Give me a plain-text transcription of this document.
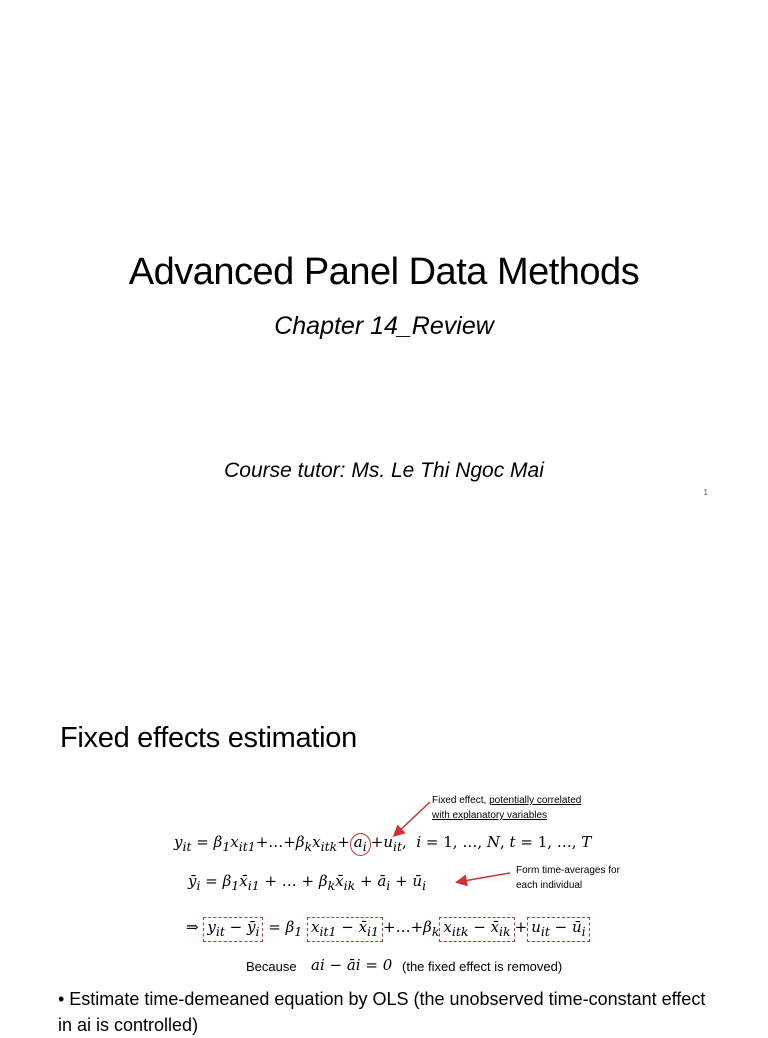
Advanced Panel Data Methods
Chapter 14_Review
Course tutor: Ms. Le Thi Ngoc Mai
1
Fixed effects estimation
Fixed effect, potentially correlated
with explanatory variables
$y_{it}$ = $\beta_1x_{it1}+\dots+\beta_kx_{itk}+ a_i +u_{it}$,  i = 1, …, N, t = 1, …, T
$ȳ_i$ = $\beta_1x̄_{i1}$ + … + $\beta_kx̄_{ik}$ + $ā_i$ + $ū_i$
Form time-averages for
each individual
⇒ $y_{it}$ − $ȳ_i = \beta_1$ $x_{it1}$ − $x̄_{i1}$ $+\dots+\beta_k$ $x_{itk}$ − $x̄_{ik} + u_{it}$ − $ū_i$
Because ai − āi = 0 (the fixed effect is removed)
• Estimate time-demeaned equation by OLS (the unobserved time-constant effect in ai is controlled)
